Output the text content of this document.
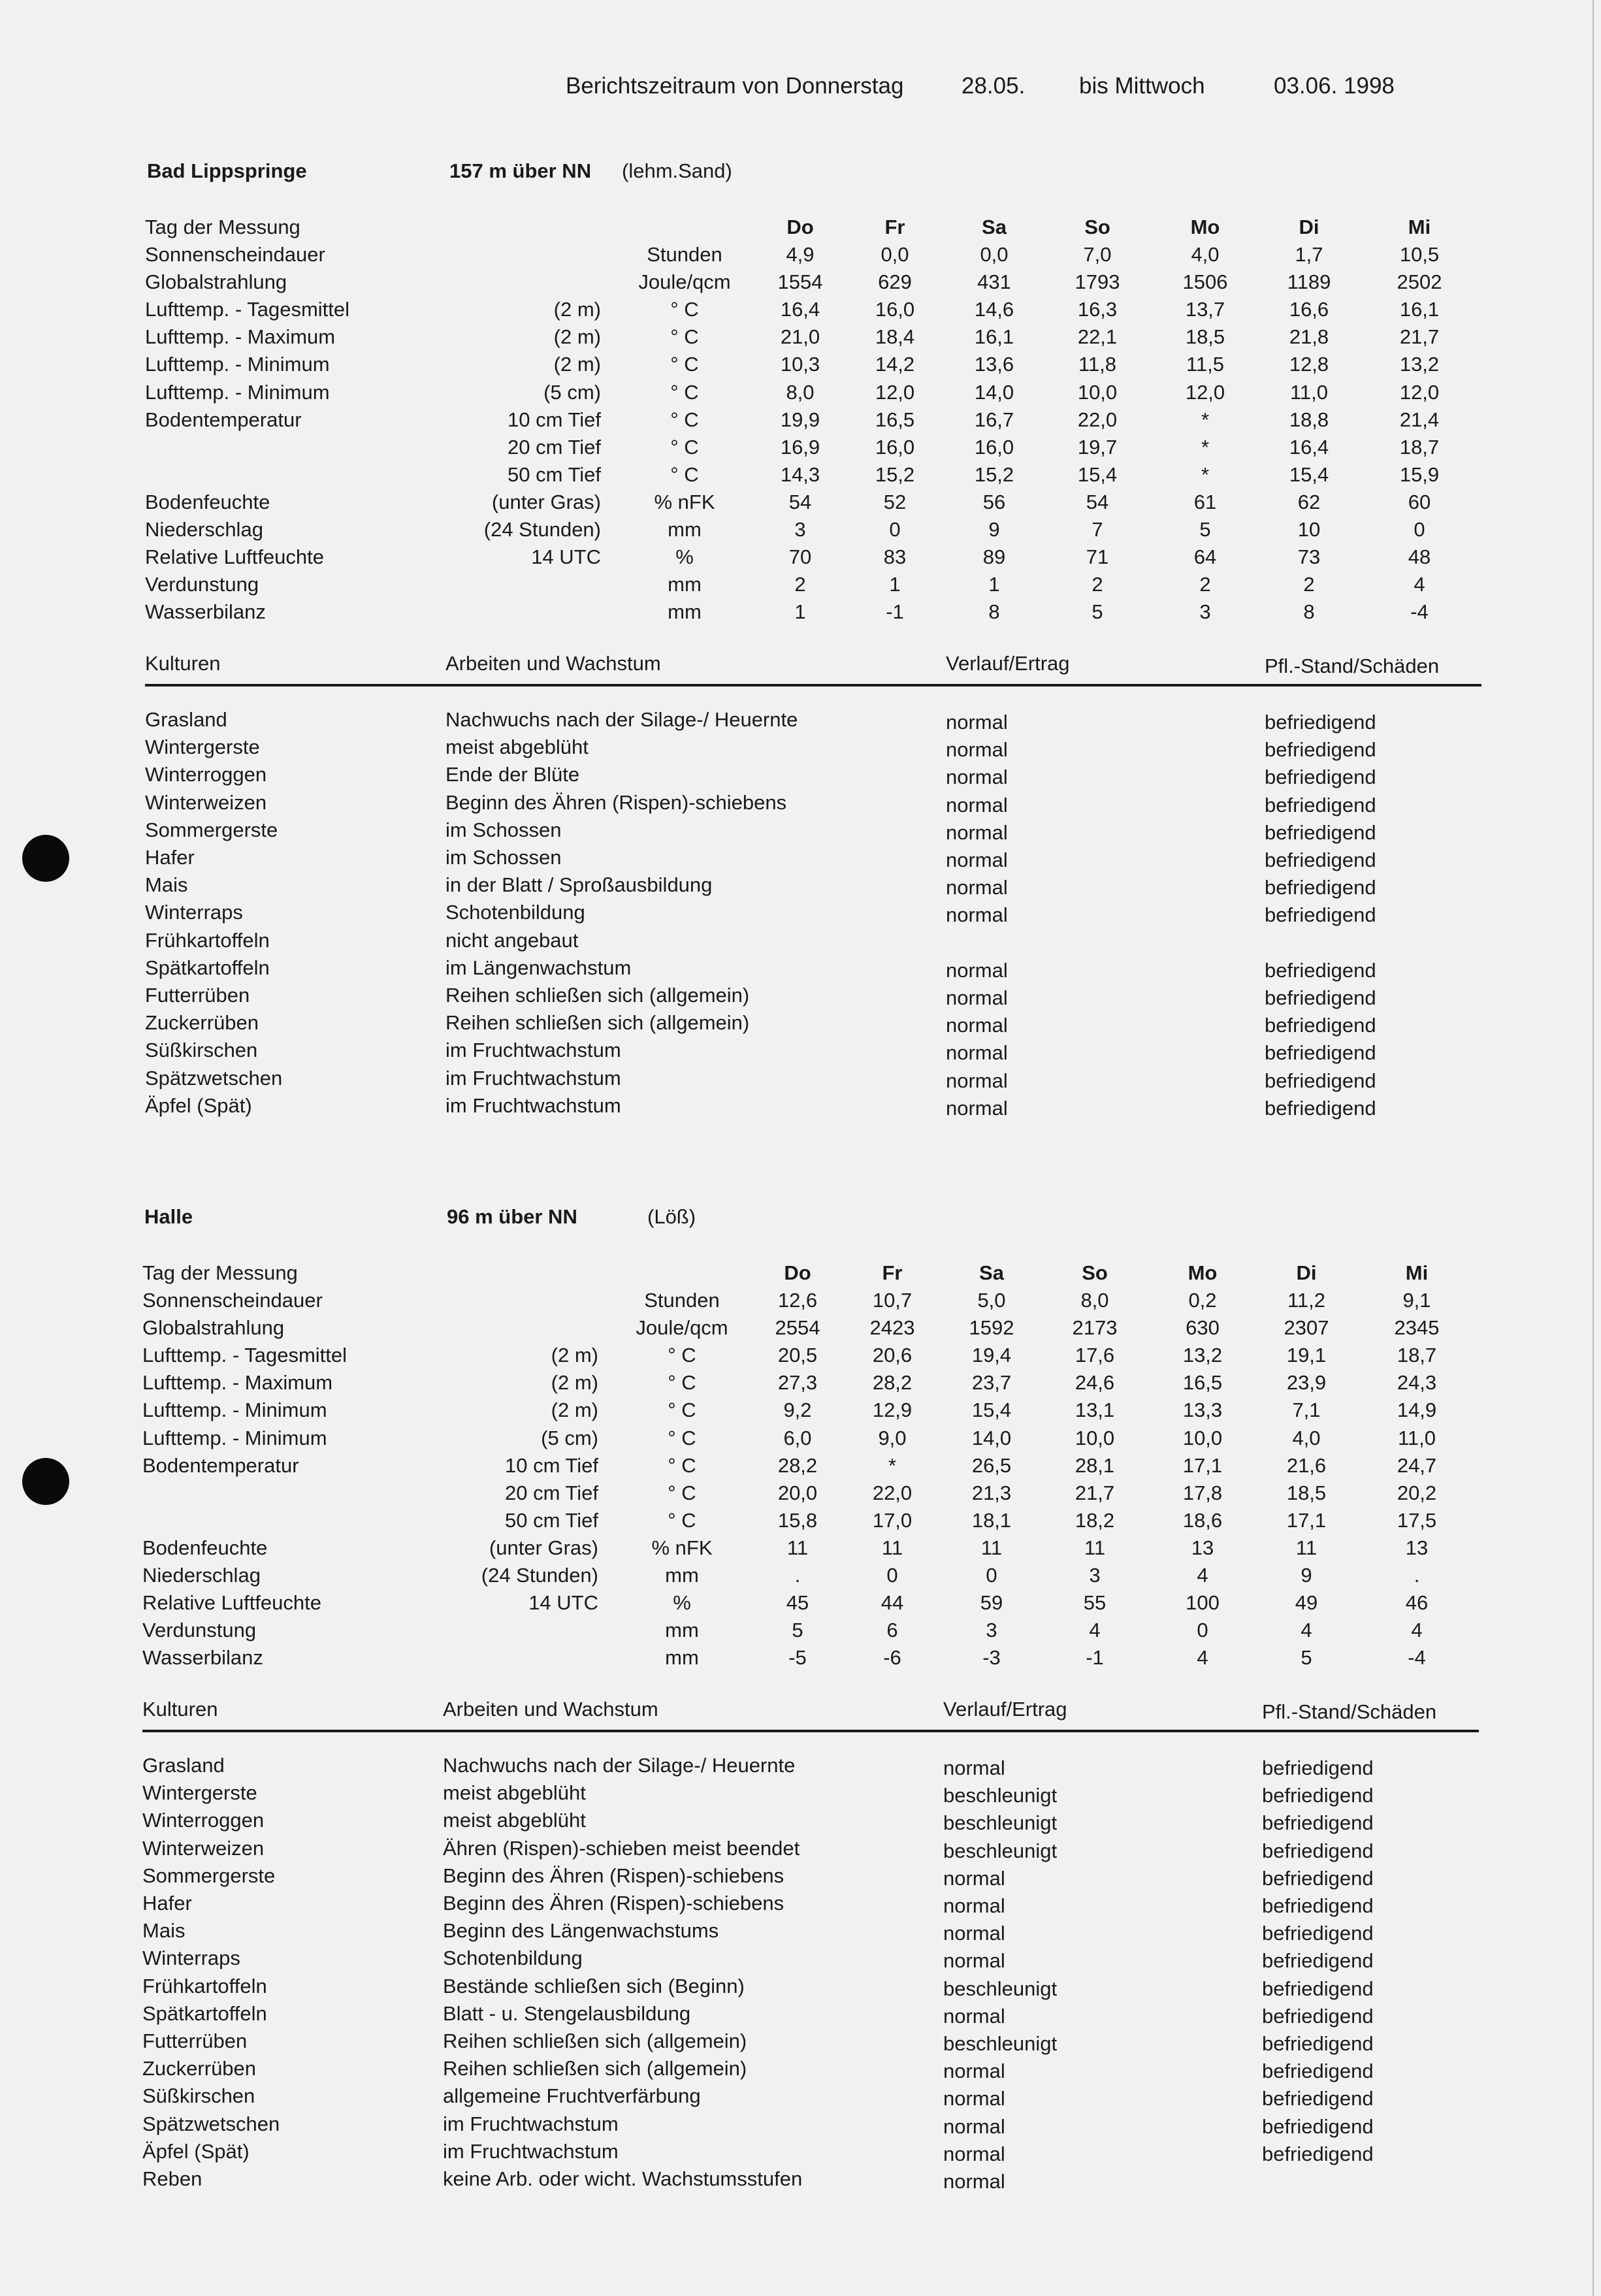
Berichtszeitraum von Donnerstag

	28.05.

bis Mittwoch

	03.06. 1998

Bad Lippspringe	157 m über NN (lehm.Sand)
Tag der Messung	Do	Fr	Sa	So	Mo	Di	Mi
Sonnenscheindauer	Stunden	4,9	0,0	0,0	7,0	4,0	1,7	10,5
Globalstrahlung	Joule/qcm	1554	629	431	1793	1506	1189	2502
Lufttemp. - Tagesmittel	(2 m)	° C	16,4	16,0	14,6	16,3	13,7	16,6	16,1
Lufttemp. - Maximum	(2 m)	° C	21,0	18,4	16,1	22,1	18,5	21,8	21,7
Lufttemp. - Minimum	(2 m)	° C	10,3	14,2	13,6	11,8	11,5	12,8	13,2
Lufttemp. - Minimum	(5 cm)	° C	8,0	12,0	14,0	10,0	12,0	11,0	12,0
Bodentemperatur	10 cm Tief	° C	19,9	16,5	16,7	22,0	*	18,8	21,4
20 cm Tief	° C	16,9	16,0	16,0	19,7	*	16,4	18,7
50 cm Tief	° C	14,3	15,2	15,2	15,4	*	15,4	15,9
Bodenfeuchte	(unter Gras)	% nFK	54	52	56	54	61	62	60
Niederschlag	(24 Stunden)	mm	3	0	9	7	5	10	0
Relative Luftfeuchte	14 UTC	%	70	83	89	71	64	73	48
Verdunstung	mm	2	1	1	2	2	2	4
Wasserbilanz	mm	1	-1	8	5	3	8	-4
Kulturen	Arbeiten und Wachstum	Verlauf/Ertrag	Pfl.-Stand/Schäden
Grasland	Nachwuchs nach der Silage-/ Heuernte	normal	befriedigend
Wintergerste	meist abgeblüht	normal	befriedigend
Winterroggen	Ende der Blüte	normal	befriedigend
Winterweizen	Beginn des Ähren (Rispen)-schiebens	normal	befriedigend
Sommergerste	im Schossen	normal	befriedigend
Hafer	im Schossen	normal	befriedigend
Mais	in der Blatt / Sproßausbildung	normal	befriedigend
Winterraps	Schotenbildung	normal	befriedigend
Frühkartoffeln	nicht angebaut
Spätkartoffeln	im Längenwachstum	normal	befriedigend
Futterrüben	Reihen schließen sich (allgemein)	normal	befriedigend
Zuckerrüben	Reihen schließen sich (allgemein)	normal	befriedigend
Süßkirschen	im Fruchtwachstum	normal	befriedigend
Spätzwetschen	im Fruchtwachstum	normal	befriedigend
Äpfel (Spät)	im Fruchtwachstum	normal	befriedigend
Halle	96 m über NN	(Löß)
Tag der Messung	Do	Fr	Sa	So	Mo	Di	Mi
Sonnenscheindauer	Stunden	12,6	10,7	5,0	8,0	0,2	11,2	9,1
Globalstrahlung	Joule/qcm	2554	2423	1592	2173	630	2307	2345
Lufttemp. - Tagesmittel	(2 m)	° C	20,5	20,6	19,4	17,6	13,2	19,1	18,7
Lufttemp. - Maximum	(2 m)	° C	27,3	28,2	23,7	24,6	16,5	23,9	24,3
Lufttemp. - Minimum	(2 m)	° C	9,2	12,9	15,4	13,1	13,3	7,1	14,9
Lufttemp. - Minimum	(5 cm)	° C	6,0	9,0	14,0	10,0	10,0	4,0	11,0
Bodentemperatur	10 cm Tief	° C	28,2	*	26,5	28,1	17,1	21,6	24,7
20 cm Tief	° C	20,0	22,0	21,3	21,7	17,8	18,5	20,2
50 cm Tief	° C	15,8	17,0	18,1	18,2	18,6	17,1	17,5
Bodenfeuchte	(unter Gras)	% nFK	11	11	11	11	13	11	13
Niederschlag	(24 Stunden)	mm	.	0	0	3	4	9	.
Relative Luftfeuchte	14 UTC	%	45	44	59	55	100	49	46
Verdunstung	mm	5	6	3	4	0	4	4
Wasserbilanz	mm	-5	-6	-3	-1	4	5	-4
Kulturen	Arbeiten und Wachstum	Verlauf/Ertrag	Pfl.-Stand/Schäden
Grasland	Nachwuchs nach der Silage-/ Heuernte	normal	befriedigend
Wintergerste	meist abgeblüht	beschleunigt	befriedigend
Winterroggen	meist abgeblüht	beschleunigt	befriedigend
Winterweizen	Ähren (Rispen)-schieben meist beendet	beschleunigt	befriedigend
Sommergerste	Beginn des Ähren (Rispen)-schiebens	normal	befriedigend
Hafer	Beginn des Ähren (Rispen)-schiebens	normal	befriedigend
Mais	Beginn des Längenwachstums	normal	befriedigend
Winterraps	Schotenbildung	normal	befriedigend
Frühkartoffeln	Bestände schließen sich (Beginn)	beschleunigt	befriedigend
Spätkartoffeln	Blatt - u. Stengelausbildung	normal	befriedigend
Futterrüben	Reihen schließen sich (allgemein)	beschleunigt	befriedigend
Zuckerrüben	Reihen schließen sich (allgemein)	normal	befriedigend
Süßkirschen	allgemeine Fruchtverfärbung	normal	befriedigend
Spätzwetschen	im Fruchtwachstum	normal	befriedigend
Äpfel (Spät)	im Fruchtwachstum	normal	befriedigend
Reben	keine Arb. oder wicht. Wachstumsstufen	normal
